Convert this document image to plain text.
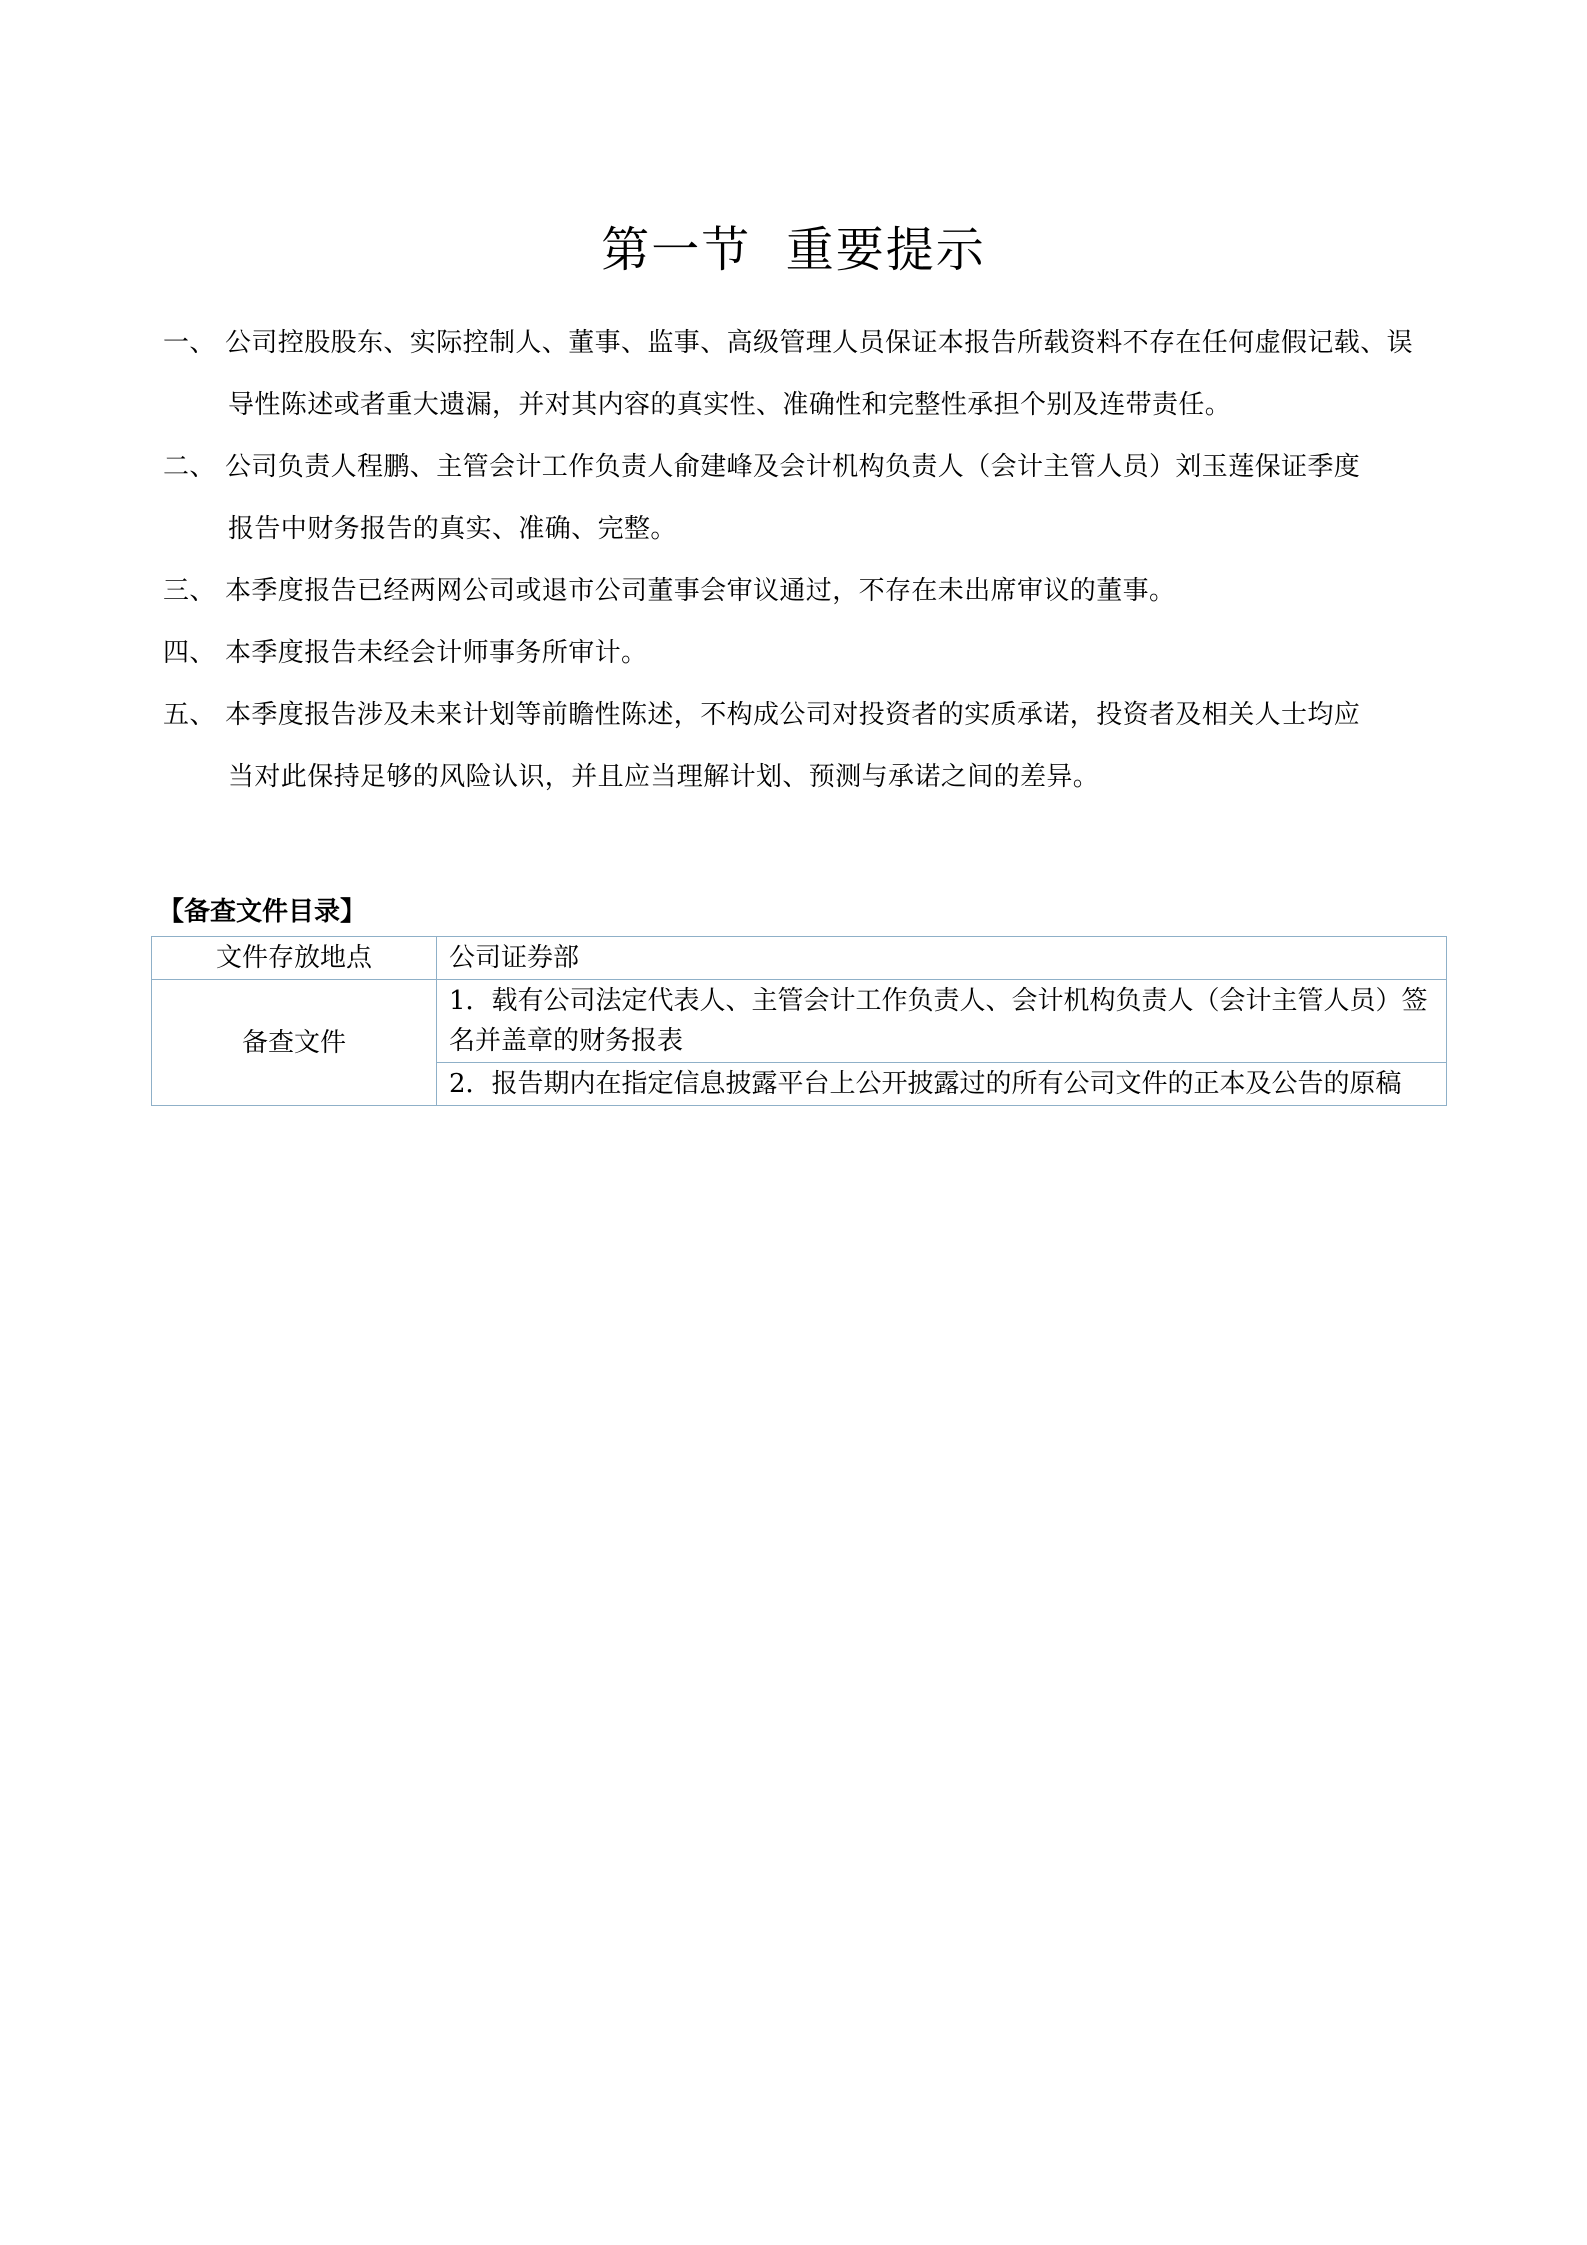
第一节  重要提示
一、 公司控股股东、实际控制人、董事、监事、高级管理人员保证本报告所载资料不存在任何虚假记载、误
导性陈述或者重大遗漏，并对其内容的真实性、准确性和完整性承担个别及连带责任。
二、 公司负责人程鹏、主管会计工作负责人俞建峰及会计机构负责人（会计主管人员）刘玉莲保证季度
报告中财务报告的真实、准确、完整。
三、 本季度报告已经两网公司或退市公司董事会审议通过，不存在未出席审议的董事。
四、 本季度报告未经会计师事务所审计。
五、 本季度报告涉及未来计划等前瞻性陈述，不构成公司对投资者的实质承诺，投资者及相关人士均应
当对此保持足够的风险认识，并且应当理解计划、预测与承诺之间的差异。
【备查文件目录】
文件存放地点	公司证券部
备查文件	1．载有公司法定代表人、主管会计工作负责人、会计机构负责人（会计主管人员）签名并盖章的财务报表
	2．报告期内在指定信息披露平台上公开披露过的所有公司文件的正本及公告的原稿
